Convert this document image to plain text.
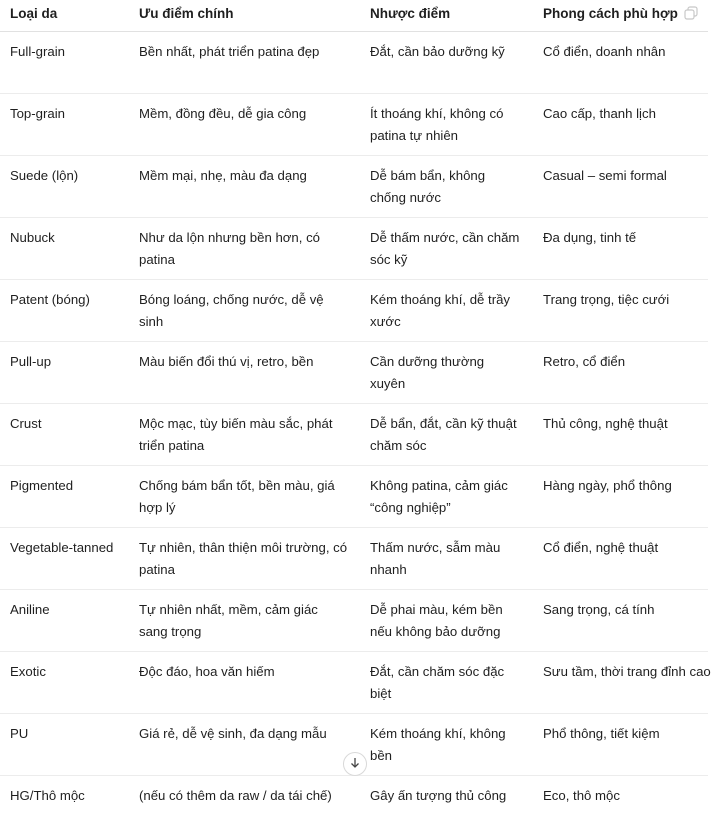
Loại da	Ưu điểm chính	Nhược điểm	Phong cách phù hợp
Full-grain	Bền nhất, phát triển patina đẹp	Đắt, cần bảo dưỡng kỹ	Cổ điển, doanh nhân
Top-grain	Mềm, đồng đều, dễ gia công	Ít thoáng khí, không có patina tự nhiên	Cao cấp, thanh lịch
Suede (lộn)	Mềm mại, nhẹ, màu đa dạng	Dễ bám bẩn, không chống nước	Casual – semi formal
Nubuck	Như da lộn nhưng bền hơn, có patina	Dễ thấm nước, cần chăm sóc kỹ	Đa dụng, tinh tế
Patent (bóng)	Bóng loáng, chống nước, dễ vệ sinh	Kém thoáng khí, dễ trầy xước	Trang trọng, tiệc cưới
Pull-up	Màu biến đổi thú vị, retro, bền	Cần dưỡng thường xuyên	Retro, cổ điển
Crust	Mộc mạc, tùy biến màu sắc, phát triển patina	Dễ bẩn, đắt, cần kỹ thuật chăm sóc	Thủ công, nghệ thuật
Pigmented	Chống bám bẩn tốt, bền màu, giá hợp lý	Không patina, cảm giác “công nghiệp”	Hàng ngày, phổ thông
Vegetable-tanned	Tự nhiên, thân thiện môi trường, có patina	Thấm nước, sẫm màu nhanh	Cổ điển, nghệ thuật
Aniline	Tự nhiên nhất, mềm, cảm giác sang trọng	Dễ phai màu, kém bền nếu không bảo dưỡng	Sang trọng, cá tính
Exotic	Độc đáo, hoa văn hiếm	Đắt, cần chăm sóc đặc biệt	Sưu tầm, thời trang đỉnh cao
PU	Giá rẻ, dễ vệ sinh, đa dạng mẫu	Kém thoáng khí, không bền	Phổ thông, tiết kiệm
HG/Thô mộc	(nếu có thêm da raw / da tái chế)	Gây ấn tượng thủ công	Eco, thô mộc
